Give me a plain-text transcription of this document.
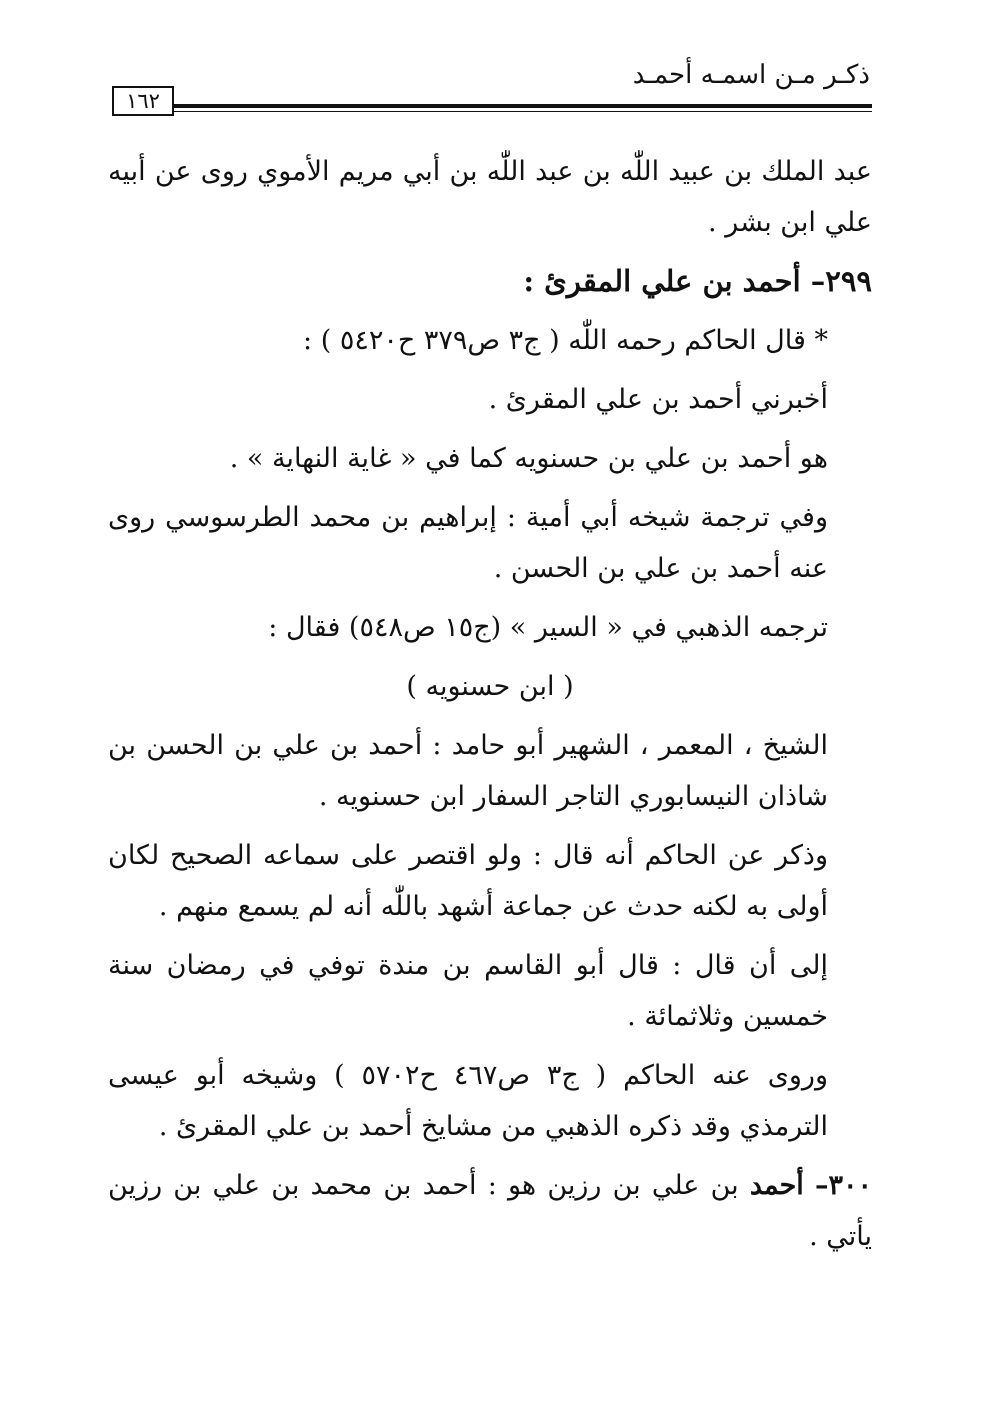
ذكـر مـن اسمـه أحمـد
١٦٢

عبد الملك بن عبيد اللّٰه بن عبد اللّٰه بن أبي مريم الأموي روى عن أبيه علي ابن بشر .

٢٩٩– أحمد بن علي المقرئ :

* قال الحاكم رحمه اللّٰه ( ج٣ ص٣٧٩ ح٥٤٢٠ ) :

أخبرني أحمد بن علي المقرئ .

هو أحمد بن علي بن حسنويه كما في « غاية النهاية » .

وفي ترجمة شيخه أبي أمية : إبراهيم بن محمد الطرسوسي روى عنه أحمد بن علي بن الحسن .

ترجمه الذهبي في « السير » (ج١٥ ص٥٤٨) فقال :

( ابن حسنويه )

الشيخ ، المعمر ، الشهير أبو حامد : أحمد بن علي بن الحسن بن شاذان النيسابوري التاجر السفار ابن حسنويه .

وذكر عن الحاكم أنه قال : ولو اقتصر على سماعه الصحيح لكان أولى به لكنه حدث عن جماعة أشهد باللّٰه أنه لم يسمع منهم .

إلى أن قال : قال أبو القاسم بن مندة توفي في رمضان سنة خمسين وثلاثمائة .

وروى عنه الحاكم ( ج٣ ص٤٦٧ ح٥٧٠٢ ) وشيخه أبو عيسى الترمذي وقد ذكره الذهبي من مشايخ أحمد بن علي المقرئ .

٣٠٠– أحمد بن علي بن رزين هو : أحمد بن محمد بن علي بن رزين يأتي .
